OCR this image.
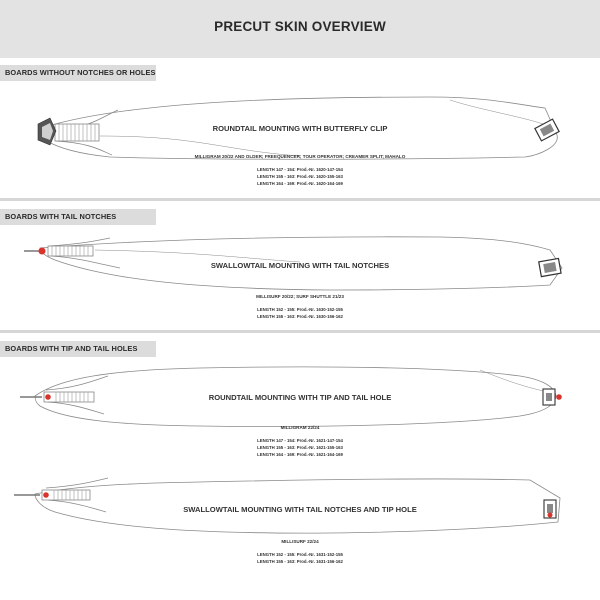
PRECUT SKIN OVERVIEW
BOARDS WITHOUT NOTCHES OR HOLES
ROUNDTAIL MOUNTING WITH BUTTERFLY CLIP
MILLIGRAM 20/22 AND OLDER; FREEQUENCER; TOUR OPERATOR; CREAMER SPLIT; MAHALO
LENGTH 147 - 154: Prod.-Nr. 1620-147-154
LENGTH 155 - 163: Prod.-Nr. 1620-155-163
LENGTH 164 - 169: Prod.-Nr. 1620-164-169
BOARDS WITH TAIL NOTCHES
SWALLOWTAIL MOUNTING WITH TAIL NOTCHES
MILLISURF 20/22; SURF SHUTTLE 21/23
LENGTH 152 - 155: Prod.-Nr. 1630-152-155
LENGTH 155 - 163: Prod.-Nr. 1630-156-162
BOARDS WITH TIP AND TAIL HOLES
ROUNDTAIL MOUNTING WITH TIP AND TAIL HOLE
MILLIGRAM 22/24
LENGTH 147 - 154: Prod.-Nr. 1621-147-154
LENGTH 155 - 163: Prod.-Nr. 1621-155-163
LENGTH 164 - 169: Prod.-Nr. 1621-164-169
SWALLOWTAIL MOUNTING WITH TAIL NOTCHES AND TIP HOLE
MILLISURF 22/24
LENGTH 152 - 155: Prod.-Nr. 1631-152-155
LENGTH 155 - 163: Prod.-Nr. 1631-156-162
